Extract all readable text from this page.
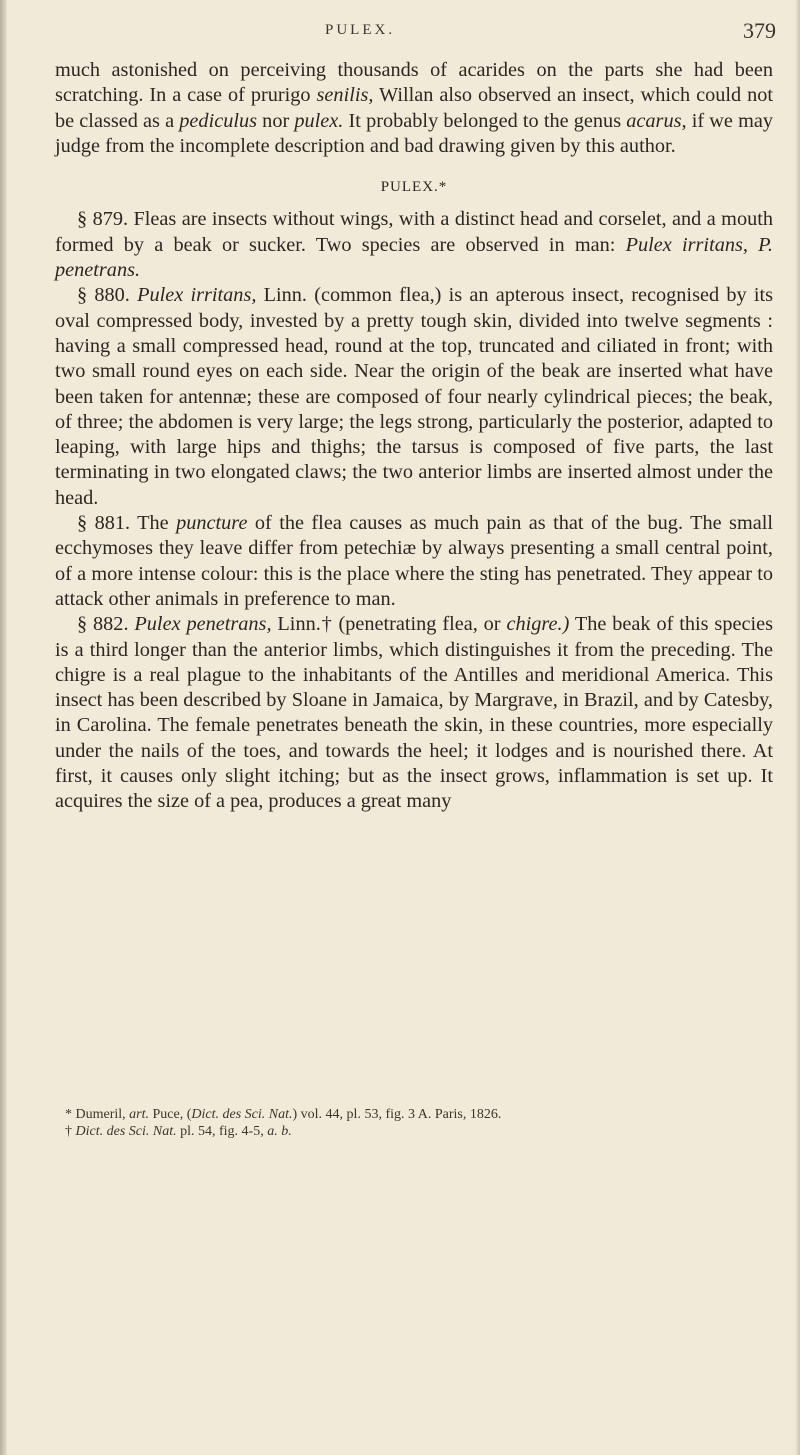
PULEX.	379

much astonished on perceiving thousands of acarides on the parts she had been scratching. In a case of prurigo senilis, Willan also observed an insect, which could not be classed as a pediculus nor pulex. It probably belonged to the genus acarus, if we may judge from the incomplete description and bad drawing given by this author.

PULEX.*

§ 879. Fleas are insects without wings, with a distinct head and corselet, and a mouth formed by a beak or sucker. Two species are observed in man: Pulex irritans, P. penetrans.

§ 880. Pulex irritans, Linn. (common flea,) is an apterous insect, recognised by its oval compressed body, invested by a pretty tough skin, divided into twelve segments : having a small compressed head, round at the top, truncated and ciliated in front; with two small round eyes on each side. Near the origin of the beak are inserted what have been taken for antennæ; these are composed of four nearly cylindrical pieces; the beak, of three; the abdomen is very large; the legs strong, particularly the posterior, adapted to leaping, with large hips and thighs; the tarsus is composed of five parts, the last terminating in two elongated claws; the two anterior limbs are inserted almost under the head.

§ 881. The puncture of the flea causes as much pain as that of the bug. The small ecchymoses they leave differ from petechiæ by always presenting a small central point, of a more intense colour: this is the place where the sting has penetrated. They appear to attack other animals in preference to man.

§ 882. Pulex penetrans, Linn.† (penetrating flea, or chigre.) The beak of this species is a third longer than the anterior limbs, which distinguishes it from the preceding. The chigre is a real plague to the inhabitants of the Antilles and meridional America. This insect has been described by Sloane in Jamaica, by Margrave, in Brazil, and by Catesby, in Carolina. The female penetrates beneath the skin, in these countries, more especially under the nails of the toes, and towards the heel; it lodges and is nourished there. At first, it causes only slight itching; but as the insect grows, inflammation is set up. It acquires the size of a pea, produces a great many

* Dumeril, art. Puce, (Dict. des Sci. Nat.) vol. 44, pl. 53, fig. 3 A. Paris, 1826.

† Dict. des Sci. Nat. pl. 54, fig. 4-5, a. b.
